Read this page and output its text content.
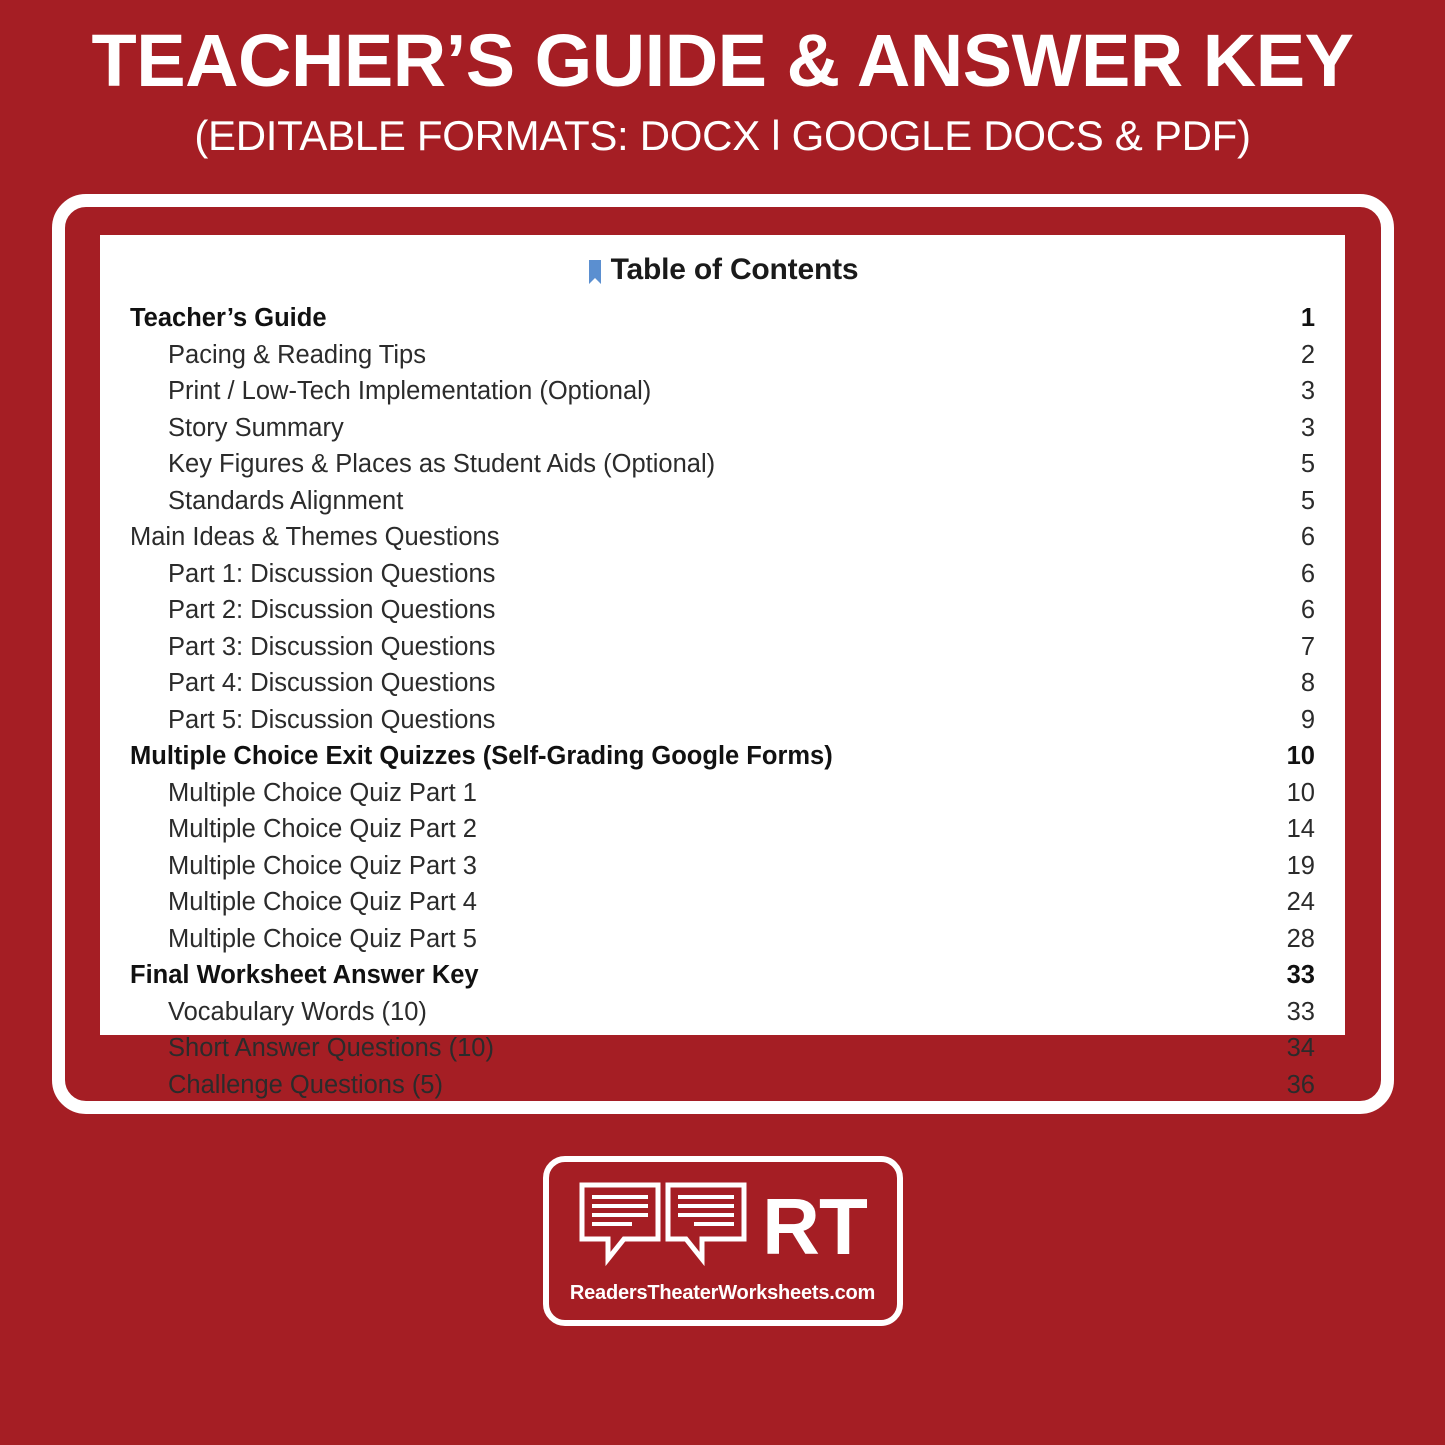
TEACHER’S GUIDE & ANSWER KEY
(EDITABLE FORMATS: DOCX l GOOGLE DOCS & PDF)
Table of Contents
Teacher’s Guide	1
Pacing & Reading Tips	2
Print / Low-Tech Implementation (Optional)	3
Story Summary	3
Key Figures & Places as Student Aids (Optional)	5
Standards Alignment	5
Main Ideas & Themes Questions	6
Part 1: Discussion Questions	6
Part 2: Discussion Questions	6
Part 3: Discussion Questions	7
Part 4: Discussion Questions	8
Part 5: Discussion Questions	9
Multiple Choice Exit Quizzes (Self-Grading Google Forms)	10
Multiple Choice Quiz Part 1	10
Multiple Choice Quiz Part 2	14
Multiple Choice Quiz Part 3	19
Multiple Choice Quiz Part 4	24
Multiple Choice Quiz Part 5	28
Final Worksheet Answer Key	33
Vocabulary Words (10)	33
Short Answer Questions (10)	34
Challenge Questions (5)	36
RT
ReadersTheaterWorksheets.com
